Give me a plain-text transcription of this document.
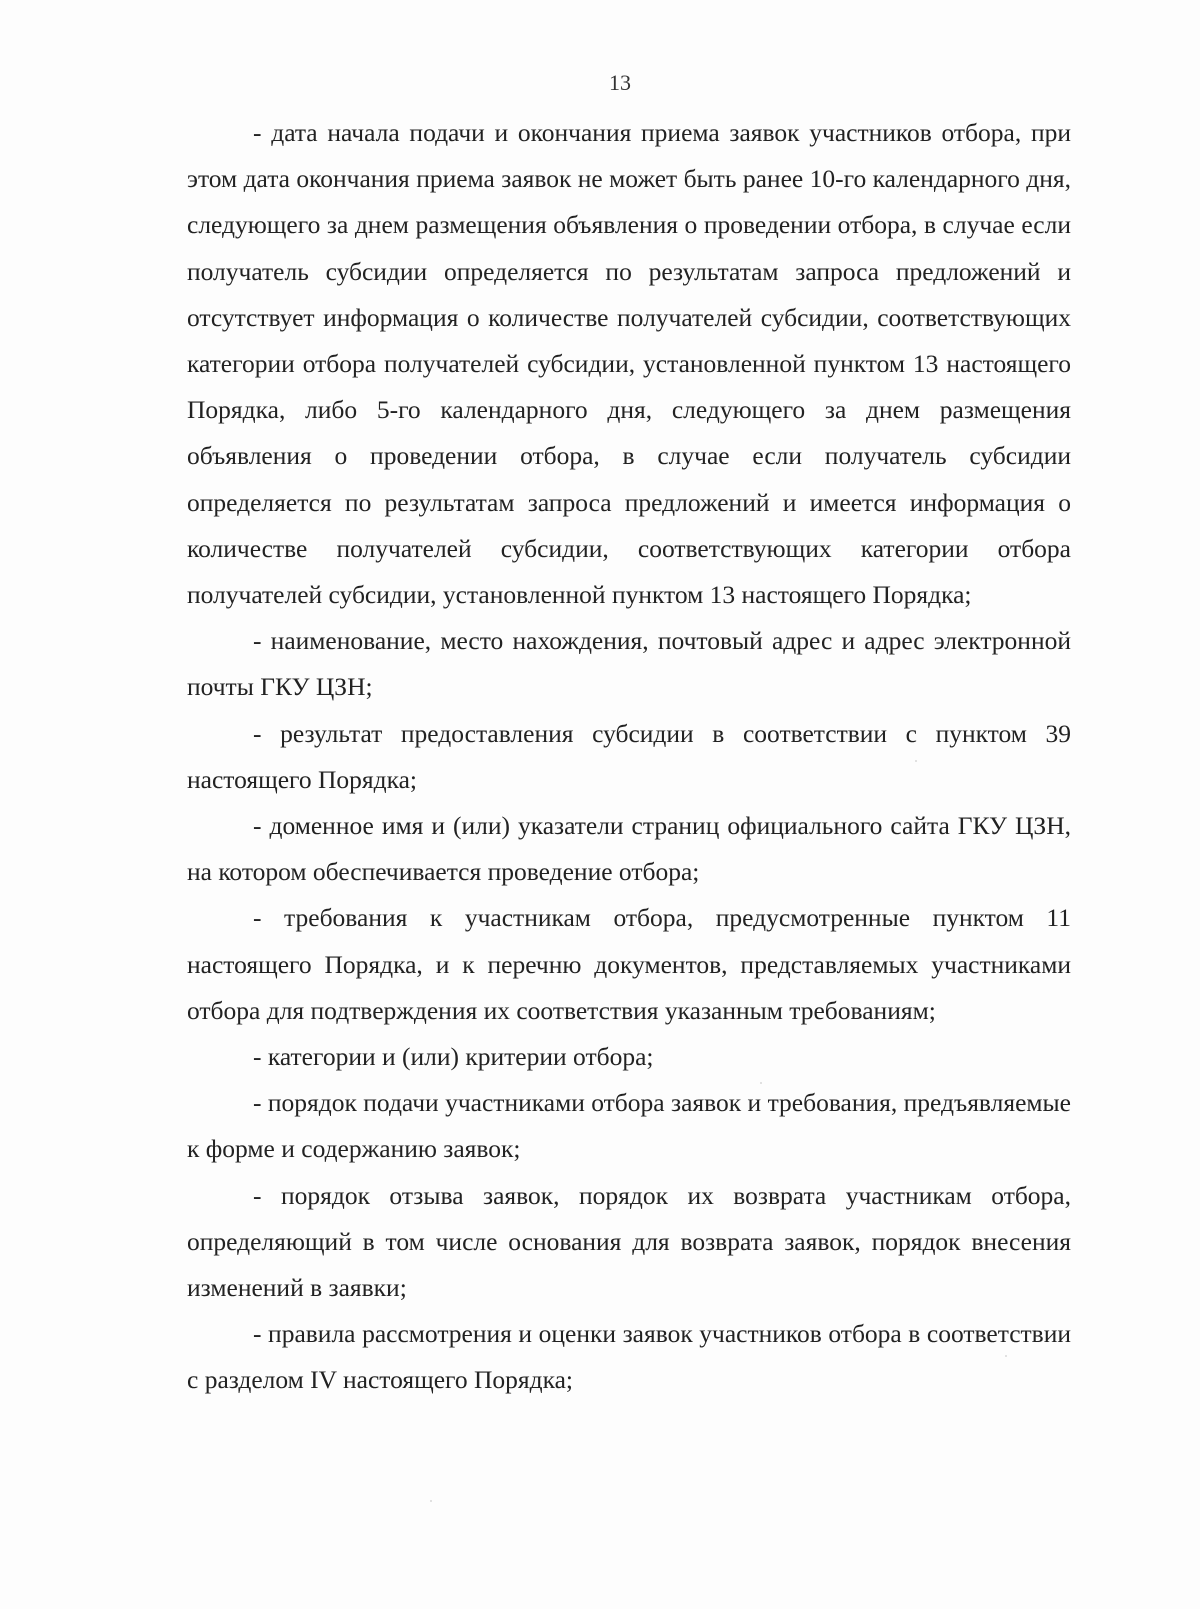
13

- дата начала подачи и окончания приема заявок участников отбора, при этом дата окончания приема заявок не может быть ранее 10-го календарного дня, следующего за днем размещения объявления о проведении отбора, в случае если получатель субсидии определяется по результатам запроса предложений и отсутствует информация о количестве получателей субсидии, соответствующих категории отбора получателей субсидии, установленной пунктом 13 настоящего Порядка, либо 5-го календарного дня, следующего за днем размещения объявления о проведении отбора, в случае если получатель субсидии определяется по результатам запроса предложений и имеется информация о количестве получателей субсидии, соответствующих категории отбора получателей субсидии, установленной пунктом 13 настоящего Порядка;

- наименование, место нахождения, почтовый адрес и адрес электронной почты ГКУ ЦЗН;

- результат предоставления субсидии в соответствии с пунктом 39 настоящего Порядка;

- доменное имя и (или) указатели страниц официального сайта ГКУ ЦЗН, на котором обеспечивается проведение отбора;

- требования к участникам отбора, предусмотренные пунктом 11 настоящего Порядка, и к перечню документов, представляемых участниками отбора для подтверждения их соответствия указанным требованиям;

- категории и (или) критерии отбора;

- порядок подачи участниками отбора заявок и требования, предъявляемые к форме и содержанию заявок;

- порядок отзыва заявок, порядок их возврата участникам отбора, определяющий в том числе основания для возврата заявок, порядок внесения изменений в заявки;

- правила рассмотрения и оценки заявок участников отбора в соответствии с разделом IV настоящего Порядка;
